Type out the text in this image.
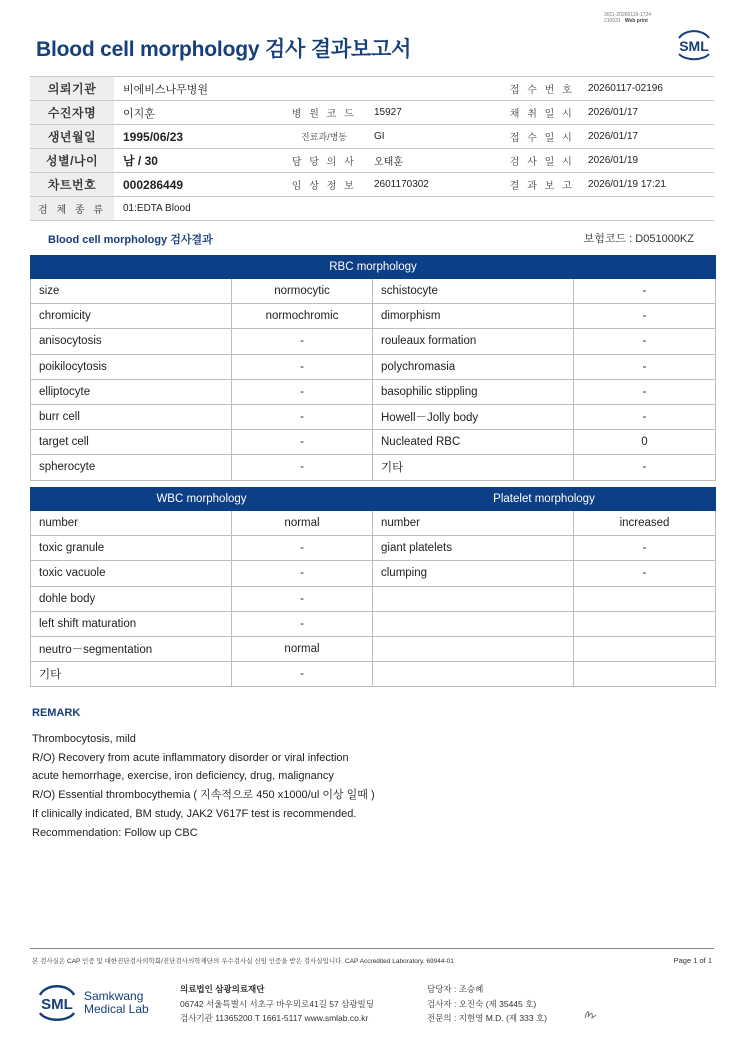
3011-20260119-1724
210031 Web print
Blood cell morphology 검사 결과보고서	SML
의뢰기관	비에비스나무병원			접 수 번 호	20260117-02196
수진자명	이지훈	병 원 코 드	15927	채 취 일 시	2026/01/17
생년월일	1995/06/23	진료과/병동	GI	접 수 일 시	2026/01/17
성별/나이	남 / 30	담 당 의 사	오태훈	검 사 일 시	2026/01/19
차트번호	000286449	임 상 정 보	2601170302	결 과 보 고	2026/01/19 17:21
검 체 종 류	01:EDTA Blood				
Blood cell morphology 검사결과	보험코드 : D051000KZ
RBC morphology			
size	normocytic	schistocyte	-
chromicity	normochromic	dimorphism	-
anisocytosis	-	rouleaux formation	-
poikilocytosis	-	polychromasia	-
elliptocyte	-	basophilic stippling	-
burr cell	-	Howell－Jolly body	-
target cell	-	Nucleated RBC	0
spherocyte	-	기타	-
WBC morphology		Platelet morphology	
number	normal	number	increased
toxic granule	-	giant platelets	-
toxic vacuole	-	clumping	-
dohle body	-		
left shift maturation	-		
neutro－segmentation	normal		
기타	-		
REMARK
Thrombocytosis, mild
R/O) Recovery from acute inflammatory disorder or viral infection
acute hemorrhage, exercise, iron deficiency, drug, malignancy
R/O) Essential thrombocythemia ( 지속적으로 450 x1000/ul 이상 일때 )
If clinically indicated, BM study, JAK2 V617F test is recommended.
Recommendation: Follow up CBC
본 검사실은 CAP 인증 및 대한진단검사의학회/진단검사의학재단의 우수검사실 신임 인증을 받은 검사실입니다. CAP Accredited Laboratory. 69944-01	Page 1 of 1
SML Samkwang
Medical Lab
의료법인 삼광의료재단
06742 서울특별시 서초구 바우뫼로41길 57 삼광빌딩
검사기관 11365200 T 1661-5117 www.smlab.co.kr
담당자 : 조승혜
검사자 : 오진숙 (제 35445 호)
전문의 : 지현영 M.D. (제 333 호)
